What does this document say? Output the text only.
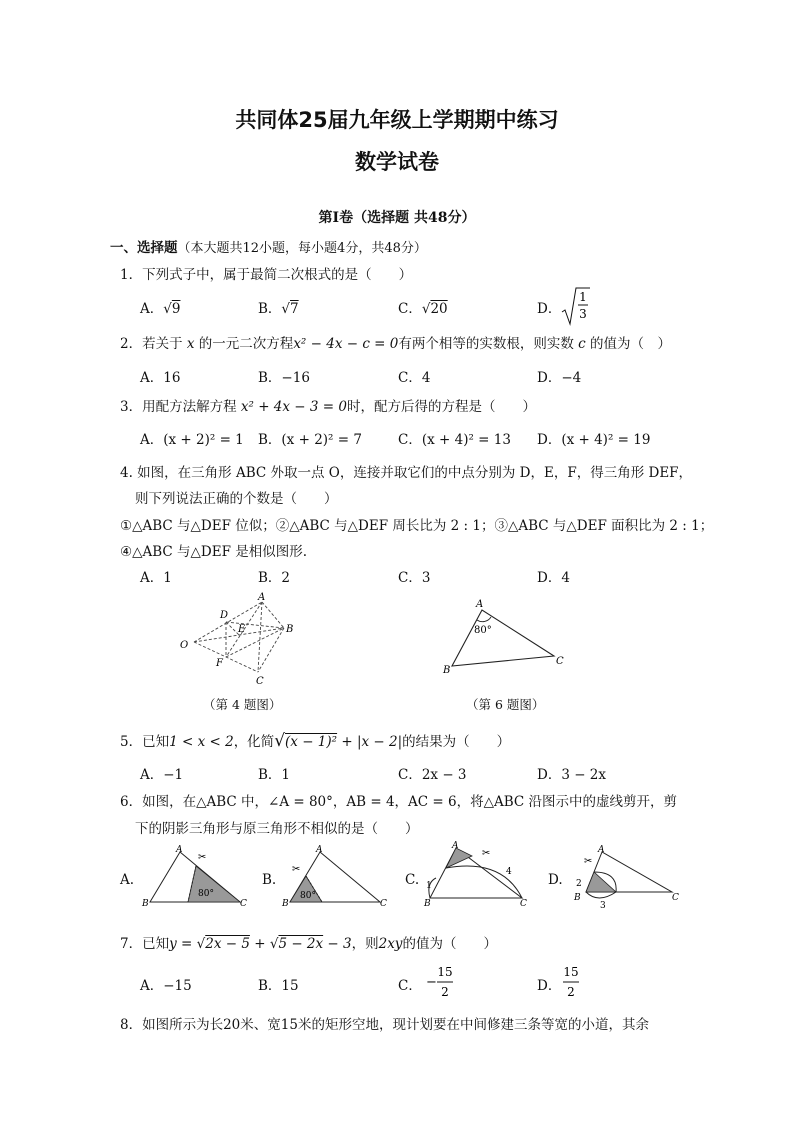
共同体25届九年级上学期期中练习
数学试卷
第Ⅰ卷（选择题 共48分）
一、选择题（本大题共12小题，每小题4分，共48分）
1．下列式子中，属于最简二次根式的是（　　）
A．√9	B．√7	C．√20	D．
1
3
2．若关于 x 的一元二次方程x² − 4x − c = 0有两个相等的实数根，则实数 c 的值为（　）
A．16	B．−16	C．4	D．−4
3．用配方法解方程 x² + 4x − 3 = 0时，配方后得的方程是（　　）
A．(x + 2)² = 1 B．(x + 2)² = 7	C．(x + 4)² = 13 D．(x + 4)² = 19
4. 如图，在三角形 ABC 外取一点 O，连接并取它们的中点分别为 D，E，F，得三角形 DEF，
则下列说法正确的个数是（　　）
①△ABC 与△DEF 位似；②△ABC 与△DEF 周长比为 2 : 1；③△ABC 与△DEF 面积比为 2 : 1；
④△ABC 与△DEF 是相似图形.
A．1	B．2	C．3	D．4
A
B
C
D
E
F
O
（第 4 题图）
A
B
C
80°
（第 6 题图）
5．已知1 < x < 2，化简√(x − 1)² + |x − 2|的结果为（　　）
A．−1	B．1	C．2x − 3	D．3 − 2x
6．如图，在△ABC 中，∠A = 80°，AB = 4，AC = 6，将△ABC 沿图示中的虚线剪开，剪
下的阴影三角形与原三角形不相似的是（　　）
A.
✂
A
B	C
80°
B.
✂
A
B	C
80°
C.
✂
A
B	C
1
4	D.
✂
A
B	C
2
3
7．已知y = √2x − 5 + √5 − 2x − 3，则2xy的值为（　　）
A．−15	B．15	C． −
15
2	D．
15
2
8．如图所示为长20米、宽15米的矩形空地，现计划要在中间修建三条等宽的小道，其余
